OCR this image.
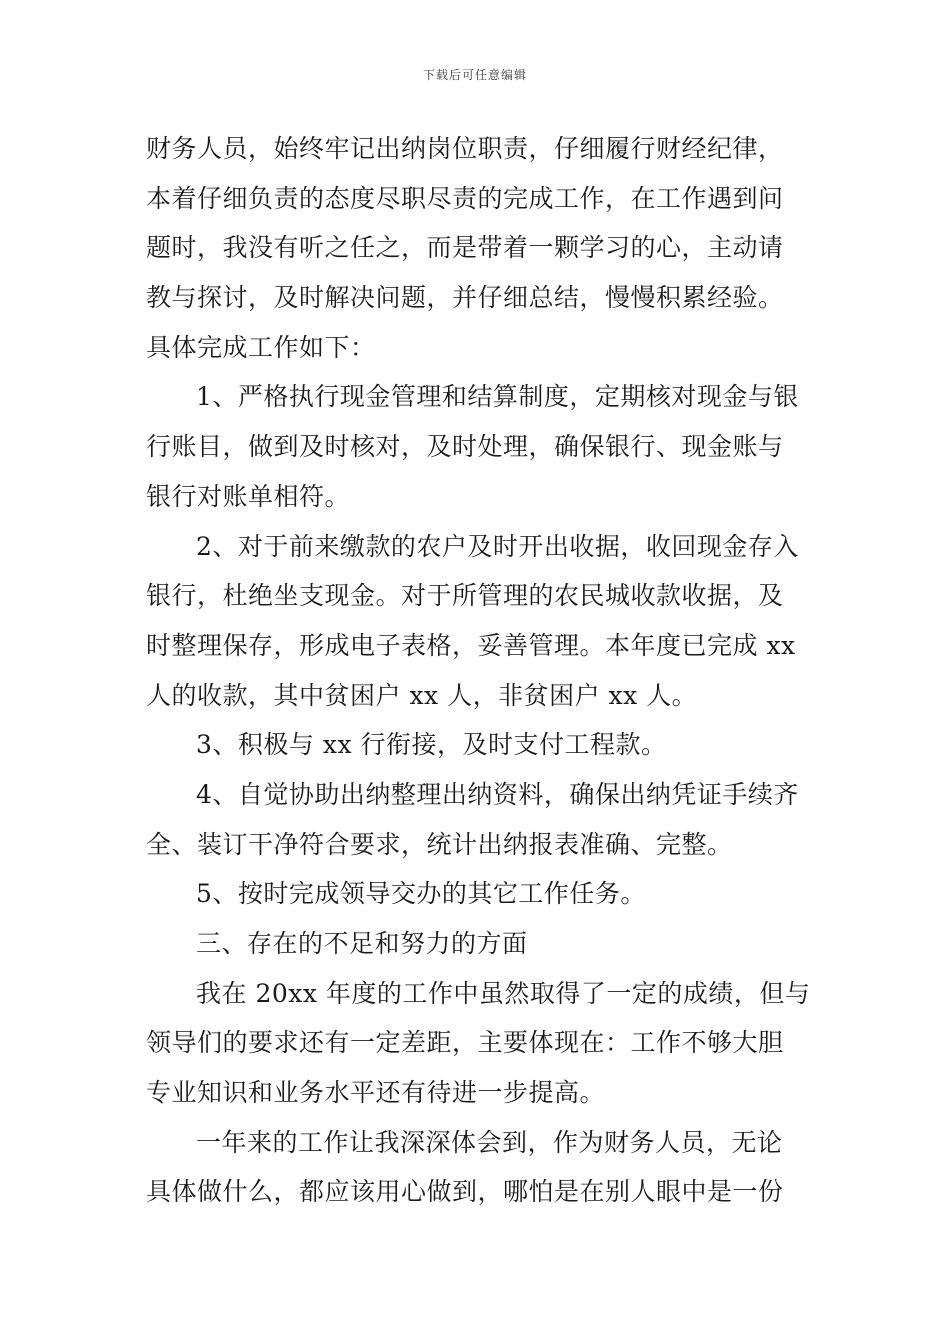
下载后可任意编辑
财务人员，始终牢记出纳岗位职责，仔细履行财经纪律，
本着仔细负责的态度尽职尽责的完成工作，在工作遇到问
题时，我没有听之任之，而是带着一颗学习的心，主动请
教与探讨，及时解决问题，并仔细总结，慢慢积累经验。
具体完成工作如下：
1、严格执行现金管理和结算制度，定期核对现金与银
行账目，做到及时核对，及时处理，确保银行、现金账与
银行对账单相符。
2、对于前来缴款的农户及时开出收据，收回现金存入
银行，杜绝坐支现金。对于所管理的农民城收款收据，及
时整理保存，形成电子表格，妥善管理。本年度已完成 xx
人的收款，其中贫困户 xx 人，非贫困户 xx 人。
3、积极与 xx 行衔接，及时支付工程款。
4、自觉协助出纳整理出纳资料，确保出纳凭证手续齐
全、装订干净符合要求，统计出纳报表准确、完整。
5、按时完成领导交办的其它工作任务。
三、存在的不足和努力的方面
我在 20xx 年度的工作中虽然取得了一定的成绩，但与
领导们的要求还有一定差距，主要体现在：工作不够大胆
专业知识和业务水平还有待进一步提高。
一年来的工作让我深深体会到，作为财务人员，无论
具体做什么，都应该用心做到，哪怕是在别人眼中是一份
